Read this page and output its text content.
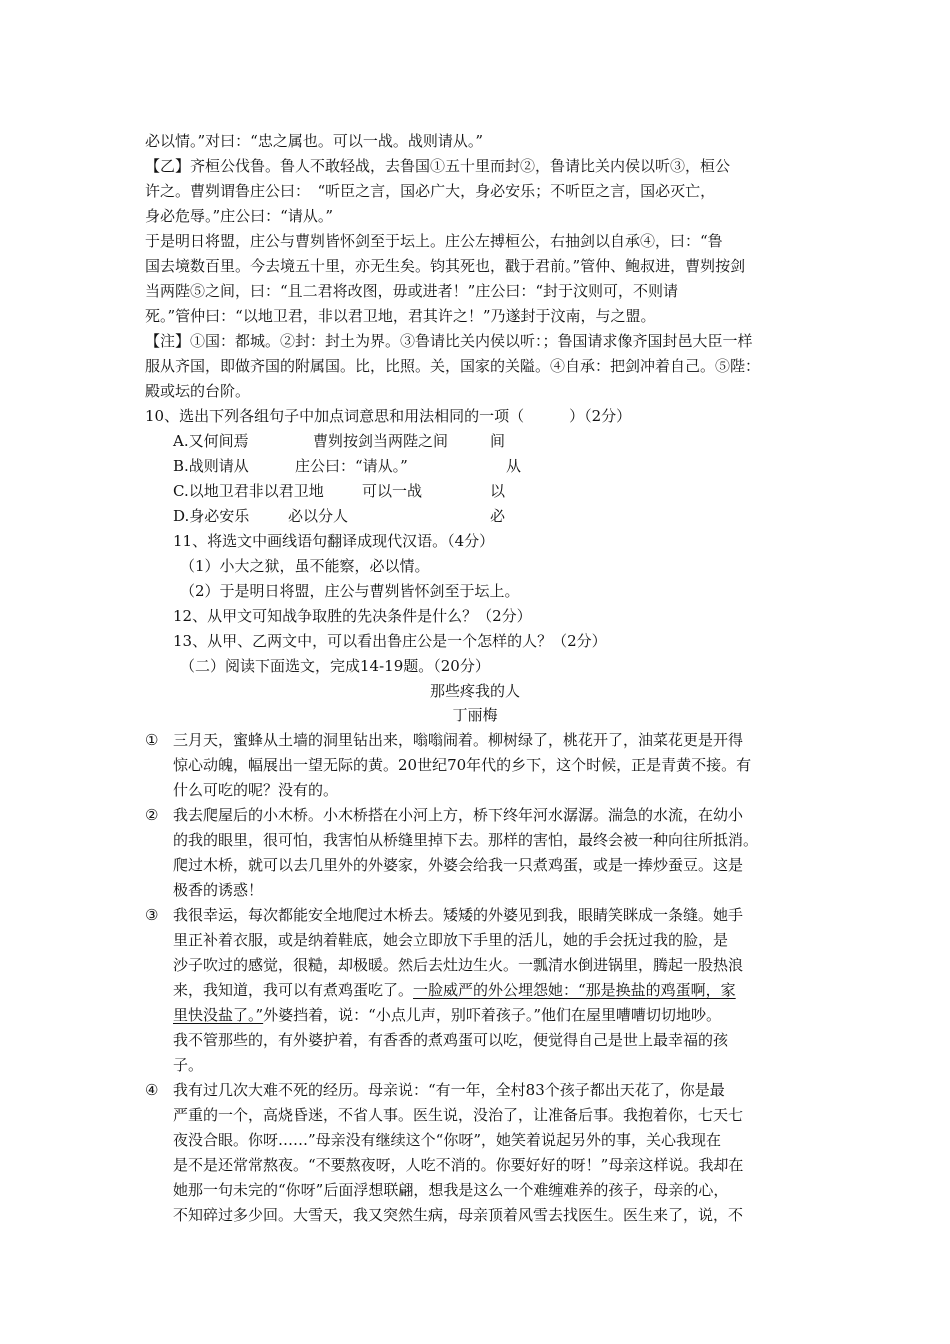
必以情。”对曰：“忠之属也。可以一战。战则请从。”
【乙】齐桓公伐鲁。鲁人不敢轻战，去鲁国①五十里而封②，鲁请比关内侯以听③，桓公
许之。曹刿谓鲁庄公曰：　“听臣之言，国必广大，身必安乐；不听臣之言，国必灭亡，
身必危辱。”庄公曰：“请从。”
于是明日将盟，庄公与曹刿皆怀剑至于坛上。庄公左搏桓公，右抽剑以自承④，曰：“鲁
国去境数百里。今去境五十里，亦无生矣。钧其死也，戳于君前。”管仲、鲍叔进，曹刿按剑
当两陛⑤之间，曰：“且二君将改图，毋或进者！”庄公曰：“封于汶则可，不则请
死。”管仲曰：“以地卫君，非以君卫地，君其许之！”乃遂封于汶南，与之盟。
【注】①国：都城。②封：封土为界。③鲁请比关内侯以听：；鲁国请求像齐国封邑大臣一样
服从齐国，即做齐国的附属国。比，比照。关，国家的关隘。④自承：把剑冲着自己。⑤陛：
殿或坛的台阶。
10、选出下列各组句子中加点词意思和用法相同的一项（　　　）（2分）
A.又何间焉	曹刿按剑当两陛之间	间
B.战则请从	庄公曰：“请从。”	从
C.以地卫君非以君卫地	可以一战	以
D.身必安乐	必以分人	必
11、将选文中画线语句翻译成现代汉语。（4分）
（1）小大之狱，虽不能察，必以情。
（2）于是明日将盟，庄公与曹刿皆怀剑至于坛上。
12、从甲文可知战争取胜的先决条件是什么？（2分）
13、从甲、乙两文中，可以看出鲁庄公是一个怎样的人？（2分）
（二）阅读下面选文，完成14-19题。（20分）
那些疼我的人
丁丽梅
① 三月天，蜜蜂从土墙的洞里钻出来，嗡嗡闹着。柳树绿了，桃花开了，油菜花更是开得
惊心动魄，幅展出一望无际的黄。20世纪70年代的乡下，这个时候，正是青黄不接。有
什么可吃的呢？没有的。
② 我去爬屋后的小木桥。小木桥搭在小河上方，桥下终年河水潺潺。湍急的水流，在幼小
的我的眼里，很可怕，我害怕从桥缝里掉下去。那样的害怕，最终会被一种向往所抵消。
爬过木桥，就可以去几里外的外婆家，外婆会给我一只煮鸡蛋，或是一捧炒蚕豆。这是
极香的诱惑！
③ 我很幸运，每次都能安全地爬过木桥去。矮矮的外婆见到我，眼睛笑眯成一条缝。她手
里正补着衣服，或是纳着鞋底，她会立即放下手里的活儿，她的手会抚过我的脸，是
沙子吹过的感觉，很糙，却极暖。然后去灶边生火。一瓢清水倒进锅里，腾起一股热浪
来，我知道，我可以有煮鸡蛋吃了。一脸威严的外公埋怨她：“那是换盐的鸡蛋啊，家
里快没盐了。”外婆挡着，说：“小点儿声，别吓着孩子。”他们在屋里嘈嘈切切地吵。
我不管那些的，有外婆护着，有香香的煮鸡蛋可以吃，便觉得自己是世上最幸福的孩
子。
④ 我有过几次大难不死的经历。母亲说：“有一年，全村83个孩子都出天花了，你是最
严重的一个，高烧昏迷，不省人事。医生说，没治了，让准备后事。我抱着你，七天七
夜没合眼。你呀……”母亲没有继续这个“你呀”，她笑着说起另外的事，关心我现在
是不是还常常熬夜。“不要熬夜呀，人吃不消的。你要好好的呀！”母亲这样说。我却在
她那一句未完的“你呀”后面浮想联翩，想我是这么一个难缠难养的孩子，母亲的心，
不知碎过多少回。大雪天，我又突然生病，母亲顶着风雪去找医生。医生来了，说，不
